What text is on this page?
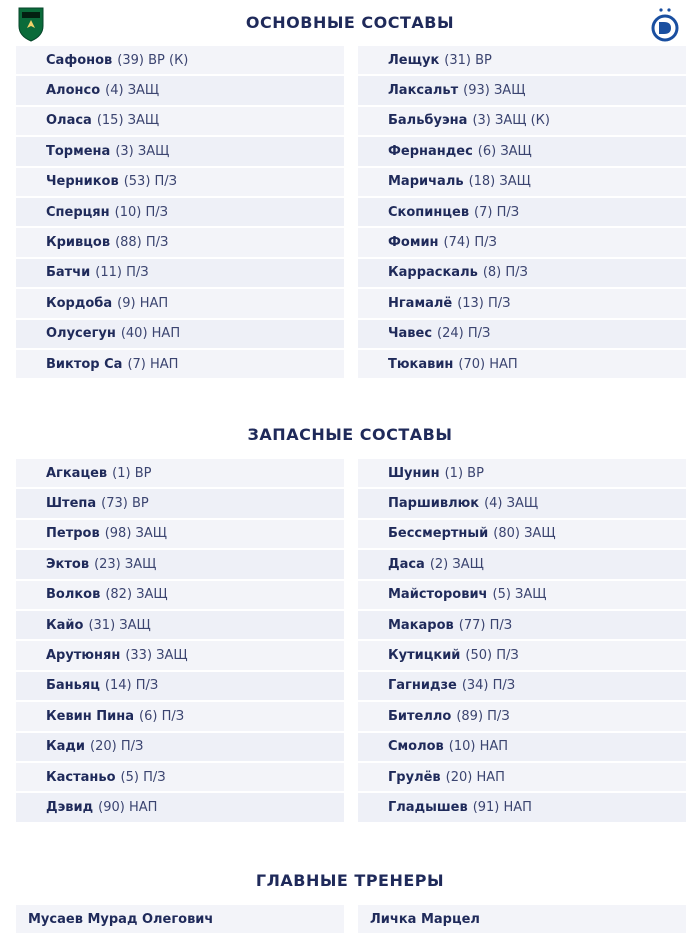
ОСНОВНЫЕ СОСТАВЫ
Сафонов (39) ВР (К)
Алонсо (4) ЗАЩ
Оласа (15) ЗАЩ
Тормена (3) ЗАЩ
Черников (53) П/З
Сперцян (10) П/З
Кривцов (88) П/З
Батчи (11) П/З
Кордоба (9) НАП
Олусегун (40) НАП
Виктор Са (7) НАП
Лещук (31) ВР
Лаксальт (93) ЗАЩ
Бальбуэна (3) ЗАЩ (К)
Фернандес (6) ЗАЩ
Маричаль (18) ЗАЩ
Скопинцев (7) П/З
Фомин (74) П/З
Карраскаль (8) П/З
Нгамалё (13) П/З
Чавес (24) П/З
Тюкавин (70) НАП
ЗАПАСНЫЕ СОСТАВЫ
Агкацев (1) ВР
Штепа (73) ВР
Петров (98) ЗАЩ
Эктов (23) ЗАЩ
Волков (82) ЗАЩ
Кайо (31) ЗАЩ
Арутюнян (33) ЗАЩ
Баньяц (14) П/З
Кевин Пина (6) П/З
Кади (20) П/З
Кастаньо (5) П/З
Дэвид (90) НАП
Шунин (1) ВР
Паршивлюк (4) ЗАЩ
Бессмертный (80) ЗАЩ
Даса (2) ЗАЩ
Майсторович (5) ЗАЩ
Макаров (77) П/З
Кутицкий (50) П/З
Гагнидзе (34) П/З
Бителло (89) П/З
Смолов (10) НАП
Грулёв (20) НАП
Гладышев (91) НАП
ГЛАВНЫЕ ТРЕНЕРЫ
Мусаев Мурад Олегович	Личка Марцел
